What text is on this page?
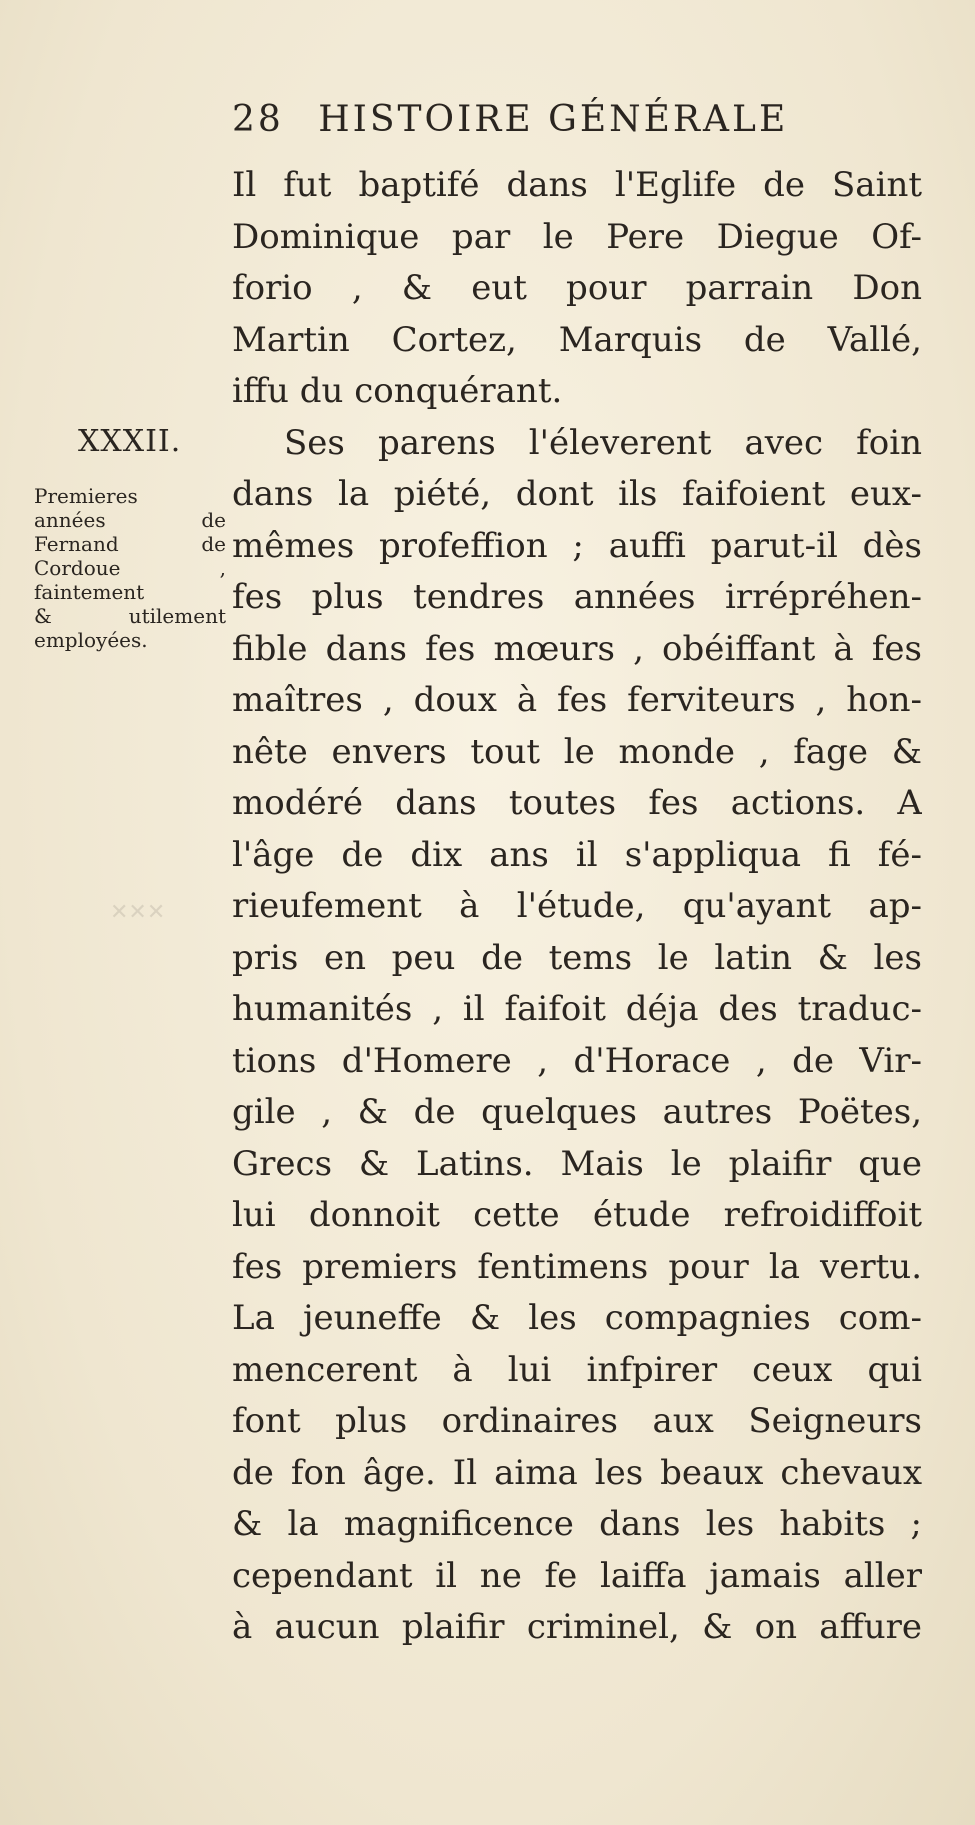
28 HISTOIRE GÉNÉRALE
XXXII.
Premieres
années de
Fernand de
Cordoue ,
faintement
& utilement
employées.
Il fut baptifé dans l'Eglife de Saint
Dominique par le Pere Diegue Of-
forio , & eut pour parrain Don
Martin Cortez, Marquis de Vallé,
iffu du conquérant.
Ses parens l'éleverent avec foin
dans la piété, dont ils faifoient eux-
mêmes profeffion ; auffi parut-il dès
fes plus tendres années irrépréhen-
fible dans fes mœurs , obéiffant à fes
maîtres , doux à fes ferviteurs , hon-
nête envers tout le monde , fage &
modéré dans toutes fes actions. A
l'âge de dix ans il s'appliqua fi fé-
rieufement à l'étude, qu'ayant ap-
pris en peu de tems le latin & les
humanités , il faifoit déja des traduc-
tions d'Homere , d'Horace , de Vir-
gile , & de quelques autres Poëtes,
Grecs & Latins. Mais le plaifir que
lui donnoit cette étude refroidiffoit
fes premiers fentimens pour la vertu.
La jeuneffe & les compagnies com-
mencerent à lui infpirer ceux qui
font plus ordinaires aux Seigneurs
de fon âge. Il aima les beaux chevaux
& la magnificence dans les habits ;
cependant il ne fe laiffa jamais aller
à aucun plaifir criminel, & on affure
✕✕✕
